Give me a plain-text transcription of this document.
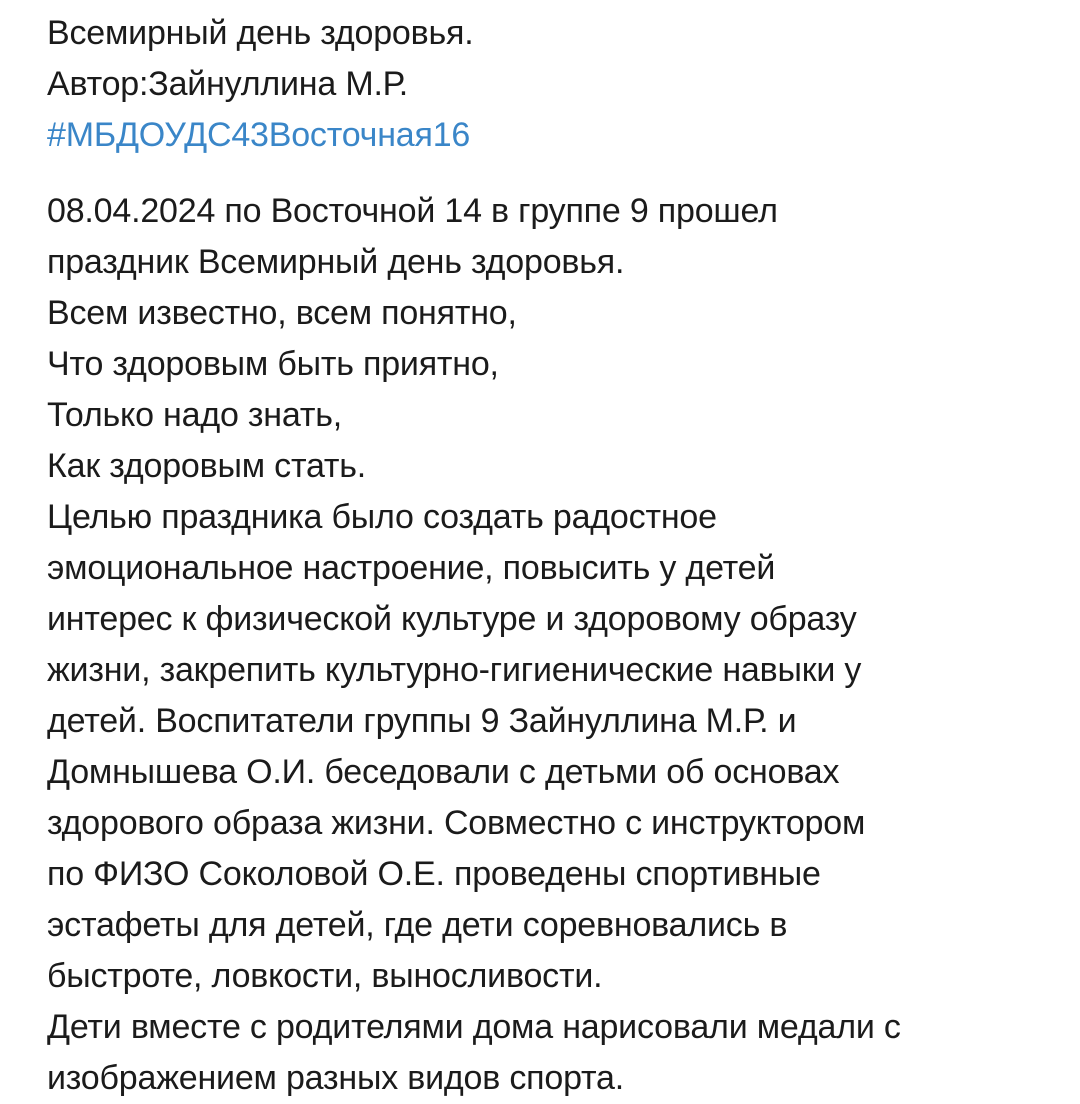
Всемирный день здоровья.
Автор:Зайнуллина М.Р.
#МБДОУДС43Восточная16
08.04.2024 по Восточной 14 в группе 9 прошел
праздник Всемирный день здоровья.
Всем известно, всем понятно,
Что здоровым быть приятно,
Только надо знать,
Как здоровым стать.
Целью праздника было создать радостное
эмоциональное настроение, повысить у детей
интерес к физической культуре и здоровому образу
жизни, закрепить культурно-гигиенические навыки у
детей. Воспитатели группы 9 Зайнуллина М.Р. и
Домнышева О.И. беседовали с детьми об основах
здорового образа жизни. Совместно с инструктором
по ФИЗО Соколовой О.Е. проведены спортивные
эстафеты для детей, где дети соревновались в
быстроте, ловкости, выносливости.
Дети вместе с родителями дома нарисовали медали с
изображением разных видов спорта.
